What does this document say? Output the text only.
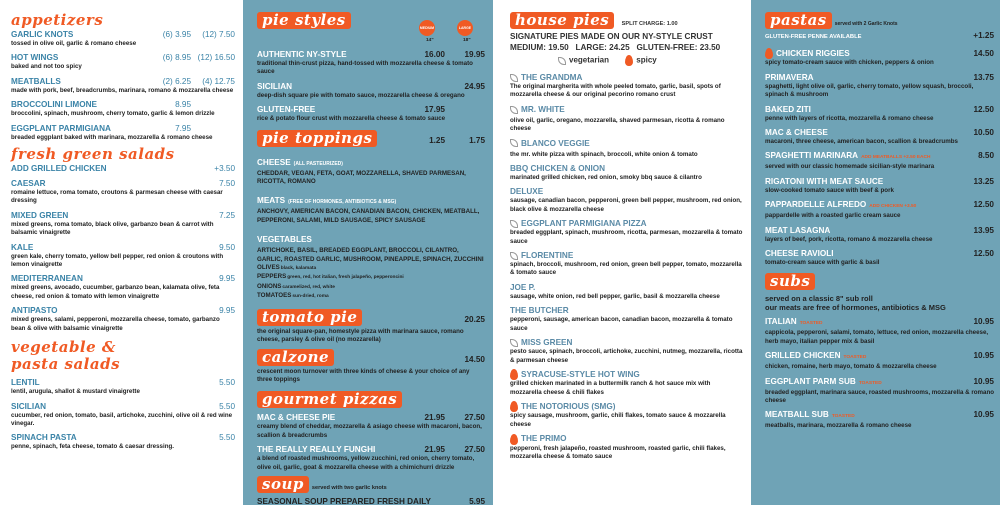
appetizers
GARLIC KNOTS	(6) 3.95	(12) 7.50
tossed in olive oil, garlic & romano cheese
HOT WINGS	(6) 8.95 (12) 16.50
baked and not too spicy
MEATBALLS	(2) 6.25	(4) 12.75
made with pork, beef, breadcrumbs, marinara, romano & mozzarella cheese
BROCCOLINI LIMONE	8.95
broccolini, spinach, mushroom, cherry tomato, garlic & lemon drizzle
EGGPLANT PARMIGIANA	7.95
breaded eggplant baked with marinara, mozzarella & romano cheese
fresh green salads
ADD GRILLED CHICKEN	+3.50
CAESAR	7.50
romaine lettuce, roma tomato, croutons & parmesan cheese with caesar dressing
MIXED GREEN	7.25
mixed greens, roma tomato, black olive, garbanzo bean & carrot with balsamic vinaigrette
KALE	9.50
green kale, cherry tomato, yellow bell pepper, red onion & croutons with lemon vinaigrette
MEDITERRANEAN	9.95
mixed greens, avocado, cucumber, garbanzo bean, kalamata olive, feta cheese, red onion & tomato with lemon vinaigrette
ANTIPASTO	9.95
mixed greens, salami, pepperoni, mozzarella cheese, tomato, garbanzo bean & olive with balsamic vinaigrette
vegetable &
pasta salads
LENTIL	5.50
lentil, arugula, shallot & mustard vinaigrette
SICILIAN	5.50
cucumber, red onion, tomato, basil, artichoke, zucchini, olive oil & red wine vinegar.
SPINACH PASTA	5.50
penne, spinach, feta cheese, tomato & caesar dressing.
pie styles	MEDIUM
14"
LARGE
18"
AUTHENTIC NY-STYLE	16.00	19.95
traditional thin-crust pizza, hand-tossed with mozzarella cheese & tomato sauce
SICILIAN	24.95
deep-dish square pie with tomato sauce, mozzarella cheese & oregano
GLUTEN-FREE	17.95
rice & potato flour crust with mozzarella cheese & tomato sauce
pie toppings	1.25	1.75
CHEESE (ALL PASTEURIZED)
CHEDDAR, VEGAN, FETA, GOAT, MOZZARELLA, SHAVED PARMESAN, RICOTTA, ROMANO
MEATS (FREE OF HORMONES, ANTIBIOTICS & MSG)
ANCHOVY, AMERICAN BACON, CANADIAN BACON, CHICKEN, MEATBALL, PEPPERONI, SALAMI, MILD SAUSAGE, SPICY SAUSAGE
VEGETABLES
ARTICHOKE, BASIL, BREADED EGGPLANT, BROCCOLI, CILANTRO, GARLIC, ROASTED GARLIC, MUSHROOM, PINEAPPLE, SPINACH, ZUCCHINI
OLIVESblack, kalamata
PEPPERSgreen, red, hot italian, fresh jalapeño, pepperoncini
ONIONScaramelized, red, white
TOMATOESsun-dried, roma
tomato pie	20.25
the original square-pan, homestyle pizza with marinara sauce, romano cheese, parsley & olive oil (no mozzarella)
calzone	14.50
crescent moon turnover with three kinds of cheese & your choice of any three toppings
gourmet pizzas
MAC & CHEESE PIE	21.95	27.50
creamy blend of cheddar, mozzarella & asiago cheese with macaroni, bacon, scallion & breadcrumbs
THE REALLY REALLY FUNGHI	21.95	27.50
a blend of roasted mushrooms, yellow zucchini, red onion, cherry tomato, olive oil, garlic, goat & mozzarella cheese with a chimichurri drizzle
soup served with two garlic knots
SEASONAL SOUP PREPARED FRESH DAILY	5.95
house pies SPLIT CHARGE: 1.00
SIGNATURE PIES MADE ON OUR NY-STYLE CRUST
MEDIUM: 19.50   LARGE: 24.25   GLUTEN-FREE: 23.50
vegetarian	spicy
THE GRANDMA
The original margherita with whole peeled tomato, garlic, basil, spots of mozzarella cheese & our original pecorino romano crust
MR. WHITE NO TOMATO SAUCE
olive oil, garlic, oregano, mozzarella, shaved parmesan, ricotta & romano cheese
BLANCO VEGGIE ADD CHICKEN ON REQUEST
the mr. white pizza with spinach, broccoli, white onion & tomato
BBQ CHICKEN & ONION
marinated grilled chicken, red onion, smoky bbq sauce & cilantro
DELUXE
sausage, canadian bacon, pepperoni, green bell pepper, mushroom, red onion, black olive & mozzarella cheese
EGGPLANT PARMIGIANA PIZZA
breaded eggplant, spinach, mushroom, ricotta, parmesan, mozzarella & tomato sauce
FLORENTINE
spinach, broccoli, mushroom, red onion, green bell pepper, tomato, mozzarella & tomato sauce
JOE P.
sausage, white onion, red bell pepper, garlic, basil & mozzarella cheese
THE BUTCHER
pepperoni, sausage, american bacon, canadian bacon, mozzarella & tomato sauce
MISS GREEN
pesto sauce, spinach, broccoli, artichoke, zucchini, nutmeg, mozzarella, ricotta & parmesan cheese
SYRACUSE-STYLE HOT WING
grilled chicken marinated in a buttermilk ranch & hot sauce mix with mozzarella cheese & chili flakes
THE NOTORIOUS (SMG)
spicy sausage, mushroom, garlic, chili flakes, tomato sauce & mozzarella cheese
THE PRIMO
pepperoni, fresh jalapeño, roasted mushroom, roasted garlic, chili flakes, mozzarella cheese & tomato sauce
pastas served with 2 Garlic Knots
GLUTEN-FREE PENNE AVAILABLE	+1.25
CHICKEN RIGGIES	14.50
spicy tomato-cream sauce with chicken, peppers & onion
PRIMAVERA	13.75
spaghetti, light olive oil, garlic, cherry tomato, yellow squash, broccoli, spinach & mushroom
BAKED ZITI	12.50
penne with layers of ricotta, mozzarella & romano cheese
MAC & CHEESE	10.50
macaroni, three cheese, american bacon, scallion & breadcrumbs
SPAGHETTI MARINARA ADD MEATBALLS +2.50 EACH	8.50
served with our classic homemade sicilian-style marinara
RIGATONI WITH MEAT SAUCE	13.25
slow-cooked tomato sauce with beef & pork
PAPPARDELLE ALFREDO ADD CHICKEN +3.50	12.50
pappardelle with a roasted garlic cream sauce
MEAT LASAGNA	13.95
layers of beef, pork, ricotta, romano & mozzarella cheese
CHEESE RAVIOLI	12.50
tomato-cream sauce with garlic & basil
subs
served on a classic 8" sub roll
our meats are free of hormones, antibiotics & MSG
ITALIAN TOASTED	10.95
cappicola, pepperoni, salami, tomato, lettuce, red onion, mozzarella cheese, herb mayo, italian pepper mix & basil
GRILLED CHICKEN TOASTED	10.95
chicken, romaine, herb mayo, tomato & mozzarella cheese
EGGPLANT PARM SUB TOASTED	10.95
breaded eggplant, marinara sauce, roasted mushrooms, mozzarella & romano cheese
MEATBALL SUB TOASTED	10.95
meatballs, marinara, mozzarella & romano cheese
